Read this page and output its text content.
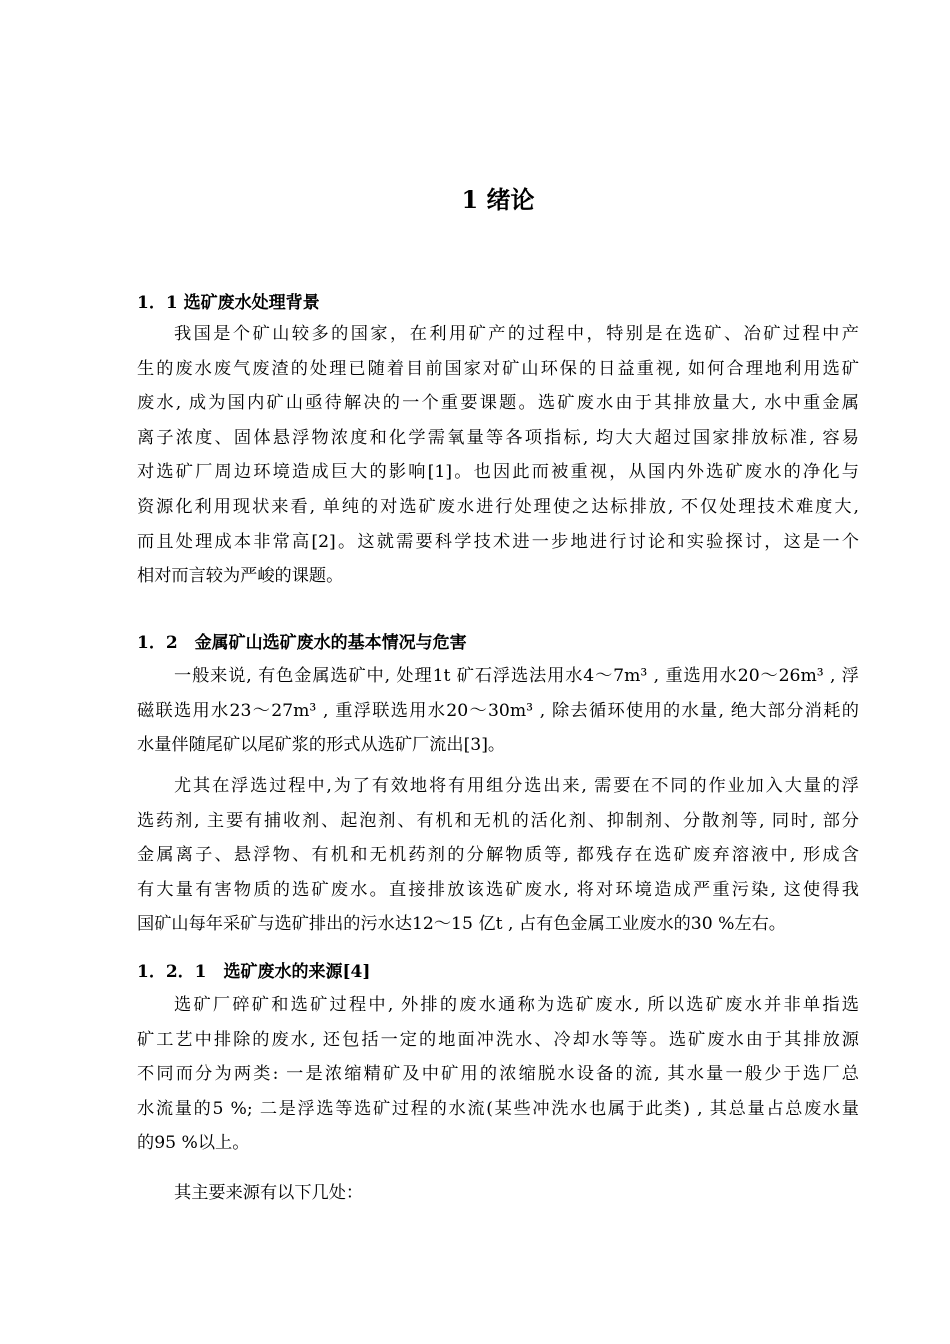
1 绪论
1．1 选矿废水处理背景

我国是个矿山较多的国家，在利用矿产的过程中，特别是在选矿、冶矿过程中产
生的废水废气废渣的处理已随着目前国家对矿山环保的日益重视, 如何合理地利用选矿
废水, 成为国内矿山亟待解决的一个重要课题。选矿废水由于其排放量大, 水中重金属
离子浓度、固体悬浮物浓度和化学需氧量等各项指标, 均大大超过国家排放标准, 容易
对选矿厂周边环境造成巨大的影响[1]。也因此而被重视，从国内外选矿废水的净化与
资源化利用现状来看, 单纯的对选矿废水进行处理使之达标排放, 不仅处理技术难度大,
而且处理成本非常高[2]。这就需要科学技术进一步地进行讨论和实验探讨，这是一个
相对而言较为严峻的课题。

1．2　金属矿山选矿废水的基本情况与危害

一般来说, 有色金属选矿中, 处理1t 矿石浮选法用水4～7m³ , 重选用水20～26m³ , 浮
磁联选用水23～27m³ , 重浮联选用水20～30m³ , 除去循环使用的水量, 绝大部分消耗的
水量伴随尾矿以尾矿浆的形式从选矿厂流出[3]。

尤其在浮选过程中,为了有效地将有用组分选出来, 需要在不同的作业加入大量的浮
选药剂, 主要有捕收剂、起泡剂、有机和无机的活化剂、抑制剂、分散剂等, 同时, 部分
金属离子、悬浮物、有机和无机药剂的分解物质等, 都残存在选矿废弃溶液中, 形成含
有大量有害物质的选矿废水。直接排放该选矿废水, 将对环境造成严重污染, 这使得我
国矿山每年采矿与选矿排出的污水达12～15 亿t , 占有色金属工业废水的30 %左右。

1．2．1　选矿废水的来源[4]

选矿厂碎矿和选矿过程中, 外排的废水通称为选矿废水, 所以选矿废水并非单指选
矿工艺中排除的废水, 还包括一定的地面冲洗水、冷却水等等。选矿废水由于其排放源
不同而分为两类: 一是浓缩精矿及中矿用的浓缩脱水设备的流, 其水量一般少于选厂总
水流量的5 %; 二是浮选等选矿过程的水流(某些冲洗水也属于此类) , 其总量占总废水量
的95 %以上。

其主要来源有以下几处：
